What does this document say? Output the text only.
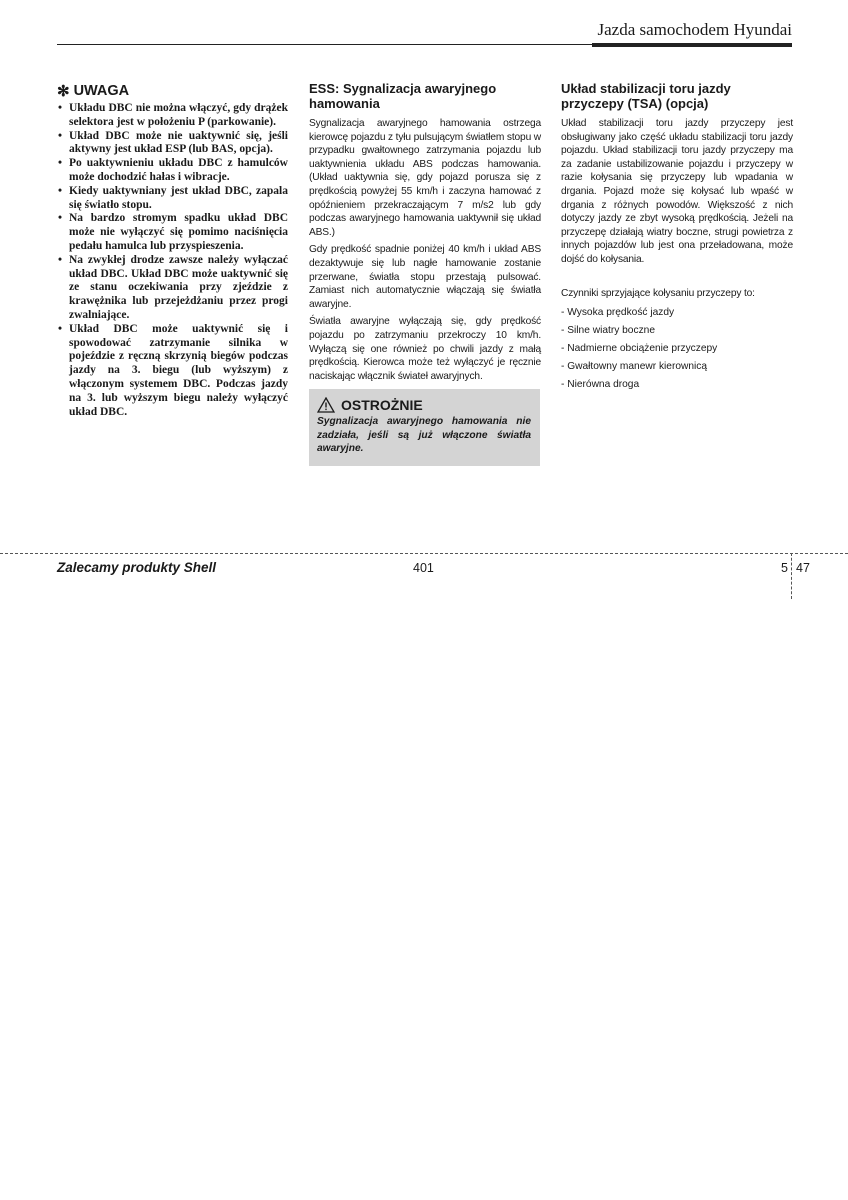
Jazda samochodem Hyundai
✻ UWAGA
• Układu DBC nie można włączyć, gdy drążek selektora jest w położeniu P (parkowanie).
• Układ DBC może nie uaktywnić się, jeśli aktywny jest układ ESP (lub BAS, opcja).
• Po uaktywnieniu układu DBC z hamulców może dochodzić hałas i wibracje.
• Kiedy uaktywniany jest układ DBC, zapala się światło stopu.
• Na bardzo stromym spadku układ DBC może nie wyłączyć się pomimo naciśnięcia pedału hamulca lub przyspieszenia.
• Na zwykłej drodze zawsze należy wyłączać układ DBC. Układ DBC może uaktywnić się ze stanu oczekiwania przy zjeździe z krawężnika lub przejeżdżaniu przez progi zwalniające.
• Układ DBC może uaktywnić się i spowodować zatrzymanie silnika w pojeździe z ręczną skrzynią biegów podczas jazdy na 3. biegu (lub wyższym) z włączonym systemem DBC. Podczas jazdy na 3. lub wyższym biegu należy wyłączyć układ DBC.
ESS: Sygnalizacja awaryjnego hamowania

Sygnalizacja awaryjnego hamowania ostrzega kierowcę pojazdu z tyłu pulsującym światłem stopu w przypadku gwałtownego zatrzymania pojazdu lub uaktywnienia układu ABS podczas hamowania. (Układ uaktywnia się, gdy pojazd porusza się z prędkością powyżej 55 km/h i zaczyna hamować z opóźnieniem przekraczającym 7 m/s2 lub gdy podczas awaryjnego hamowania uaktywnił się układ ABS.)

Gdy prędkość spadnie poniżej 40 km/h i układ ABS dezaktywuje się lub nagłe hamowanie zostanie przerwane, światła stopu przestają pulsować. Zamiast nich automatycznie włączają się światła awaryjne.

Światła awaryjne wyłączają się, gdy prędkość pojazdu po zatrzymaniu przekroczy 10 km/h. Wyłączą się one również po chwili jazdy z małą prędkością. Kierowca może też wyłączyć je ręcznie naciskając włącznik świateł awaryjnych.

OSTROŻNIE

Sygnalizacja awaryjnego hamowania nie zadziała, jeśli są już włączone światła awaryjne.

Układ stabilizacji toru jazdy przyczepy (TSA) (opcja)

Układ stabilizacji toru jazdy przyczepy jest obsługiwany jako część układu stabilizacji toru jazdy pojazdu. Układ stabilizacji toru jazdy przyczepy ma za zadanie ustabilizowanie pojazdu i przyczepy w razie kołysania się przyczepy lub wpadania w drgania. Pojazd może się kołysać lub wpaść w drgania z różnych powodów. Większość z nich dotyczy jazdy ze zbyt wysoką prędkością. Jeżeli na przyczepę działają wiatry boczne, strugi powietrza z innych pojazdów lub jest ona przeładowana, może dojść do kołysania.

Czynniki sprzyjające kołysaniu przyczepy to:

- Wysoka prędkość jazdy
- Silne wiatry boczne
- Nadmierne obciążenie przyczepy
- Gwałtowny manewr kierownicą
- Nierówna droga
Zalecamy produkty Shell	401	5 47
